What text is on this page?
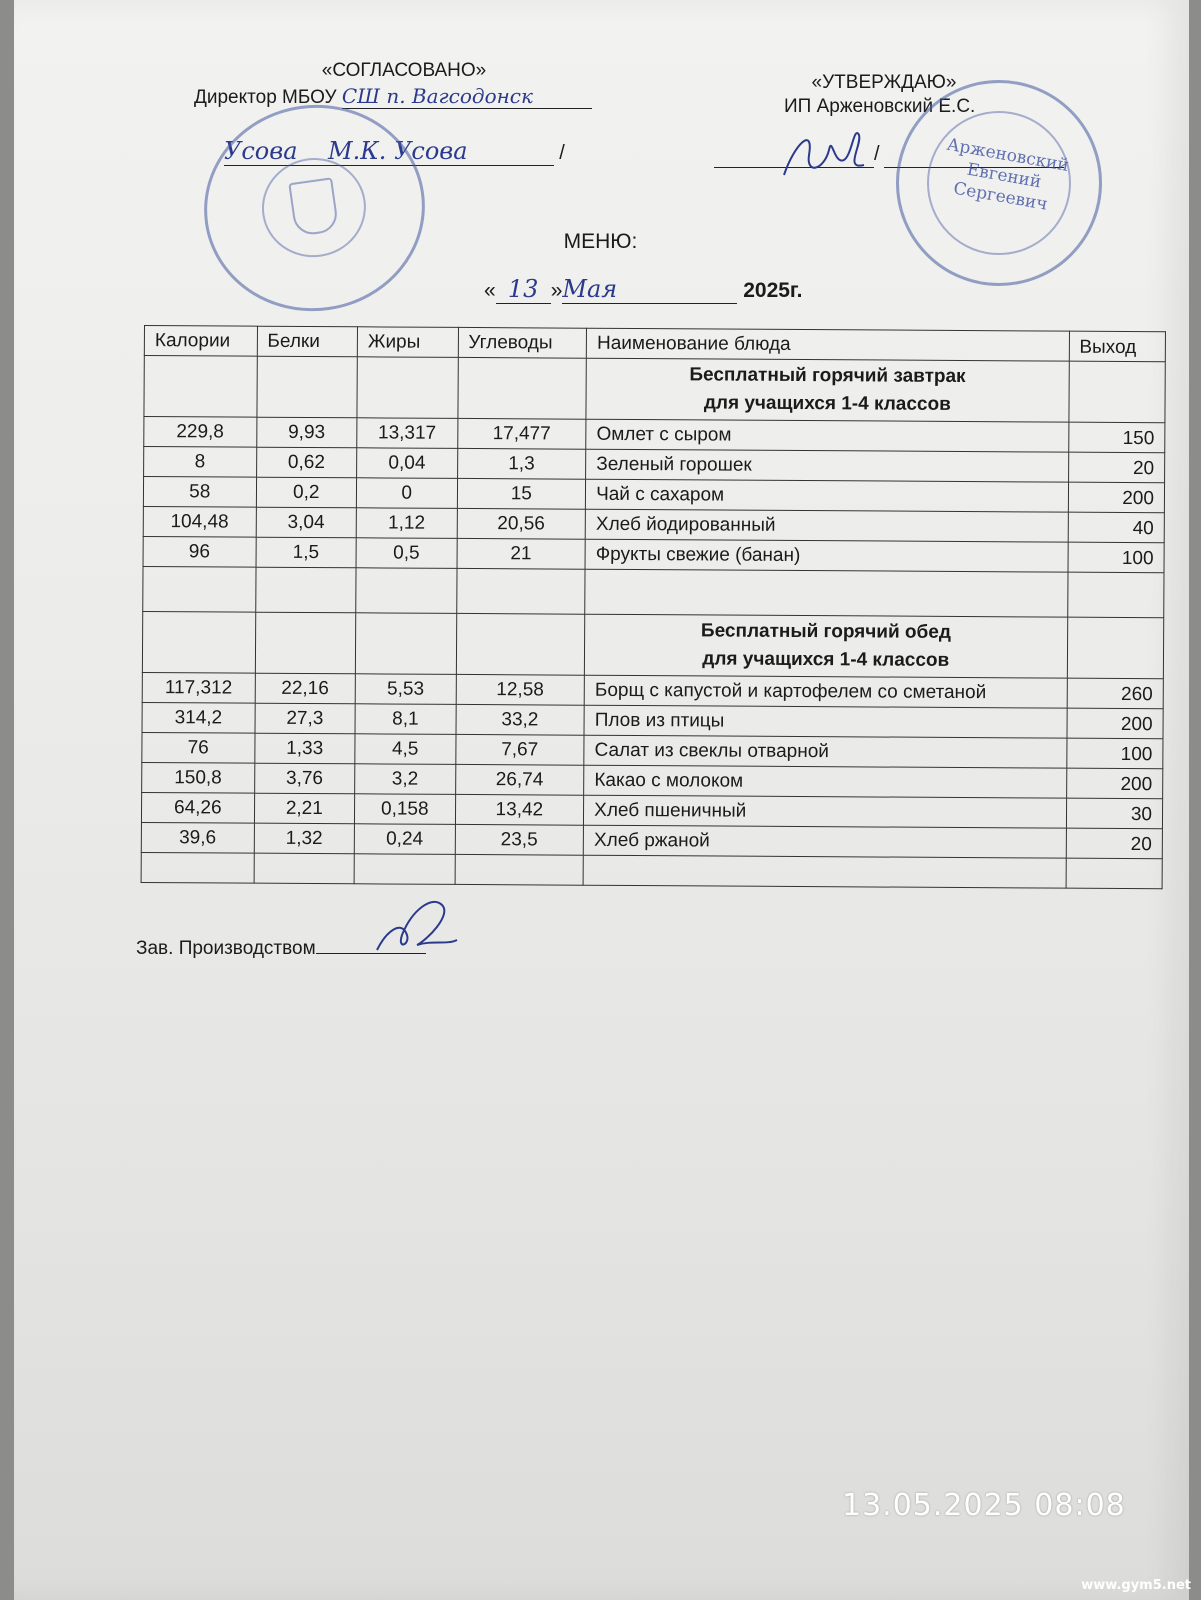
«СОГЛАСОВАНО»
Директор МБОУ СШ п. Вагсодонск
Усова М.К. Усова	/
«УТВЕРЖДАЮ»
ИП Арженовский Е.С.
/	Арженовский
Евгений
Сергеевич
МЕНЮ:
« 13 »Мая	2025г.
Калории	Белки	Жиры	Углеводы	Наименование блюда	Выход

				Бесплатный горячий завтрак
для учащихся 1-4 классов	

229,8	9,93	13,317	17,477	Омлет с сыром	150
8	0,62	0,04	1,3	Зеленый горошек	20
58	0,2	0	15	Чай с сахаром	200
104,48	3,04	1,12	20,56	Хлеб йодированный	40
96	1,5	0,5	21	Фрукты свежие (банан)	100

				Бесплатный горячий обед
для учащихся 1-4 классов	

117,312	22,16	5,53	12,58	Борщ с капустой и картофелем со сметаной	260
314,2	27,3	8,1	33,2	Плов из птицы	200
76	1,33	4,5	7,67	Салат из свеклы отварной	100
150,8	3,76	3,2	26,74	Какао с молоком	200
64,26	2,21	0,158	13,42	Хлеб пшеничный	30
39,6	1,32	0,24	23,5	Хлеб ржаной	20

Зав. Производством
13.05.2025 08:08
www.gym5.net
